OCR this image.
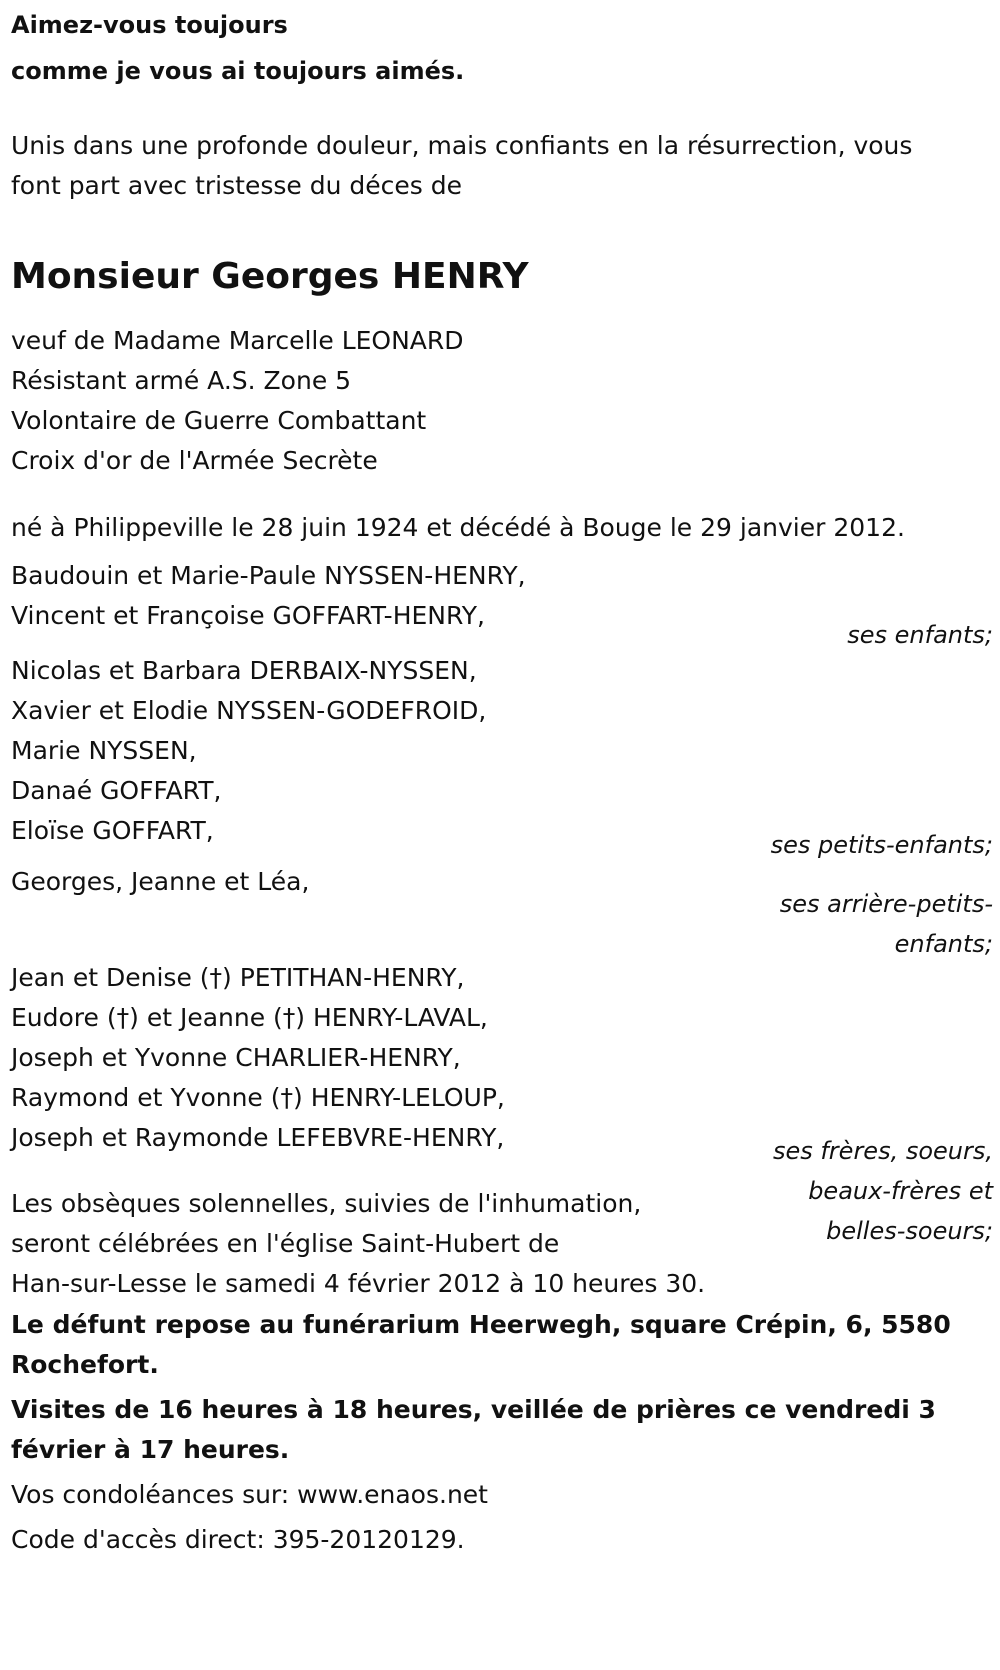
Aimez-vous toujours
comme je vous ai toujours aimés.
Unis dans une profonde douleur, mais confiants en la résurrection, vous
font part avec tristesse du déces de
Monsieur Georges HENRY
veuf de Madame Marcelle LEONARD
Résistant armé A.S. Zone 5
Volontaire de Guerre Combattant
Croix d'or de l'Armée Secrète
né à Philippeville le 28 juin 1924 et décédé à Bouge le 29 janvier 2012.
Baudouin et Marie-Paule NYSSEN-HENRY,
Vincent et Françoise GOFFART-HENRY,
ses enfants;
Nicolas et Barbara DERBAIX-NYSSEN,
Xavier et Elodie NYSSEN-GODEFROID,
Marie NYSSEN,
Danaé GOFFART,
Eloïse GOFFART,	ses petits-enfants;
Georges, Jeanne et Léa,
ses arrière-petits-
enfants;
Jean et Denise (†) PETITHAN-HENRY,
Eudore (†) et Jeanne (†) HENRY-LAVAL,
Joseph et Yvonne CHARLIER-HENRY,
Raymond et Yvonne (†) HENRY-LELOUP,
Joseph et Raymonde LEFEBVRE-HENRY,	ses frères, soeurs,
beaux-frères et
belles-soeurs;
Les obsèques solennelles, suivies de l'inhumation,
seront célébrées en l'église Saint-Hubert de
Han-sur-Lesse le samedi 4 février 2012 à 10 heures 30.
Le défunt repose au funérarium Heerwegh, square Crépin, 6, 5580 Rochefort.
Visites de 16 heures à 18 heures, veillée de prières ce vendredi 3 février à 17 heures.
Vos condoléances sur: www.enaos.net
Code d'accès direct: 395-20120129.
